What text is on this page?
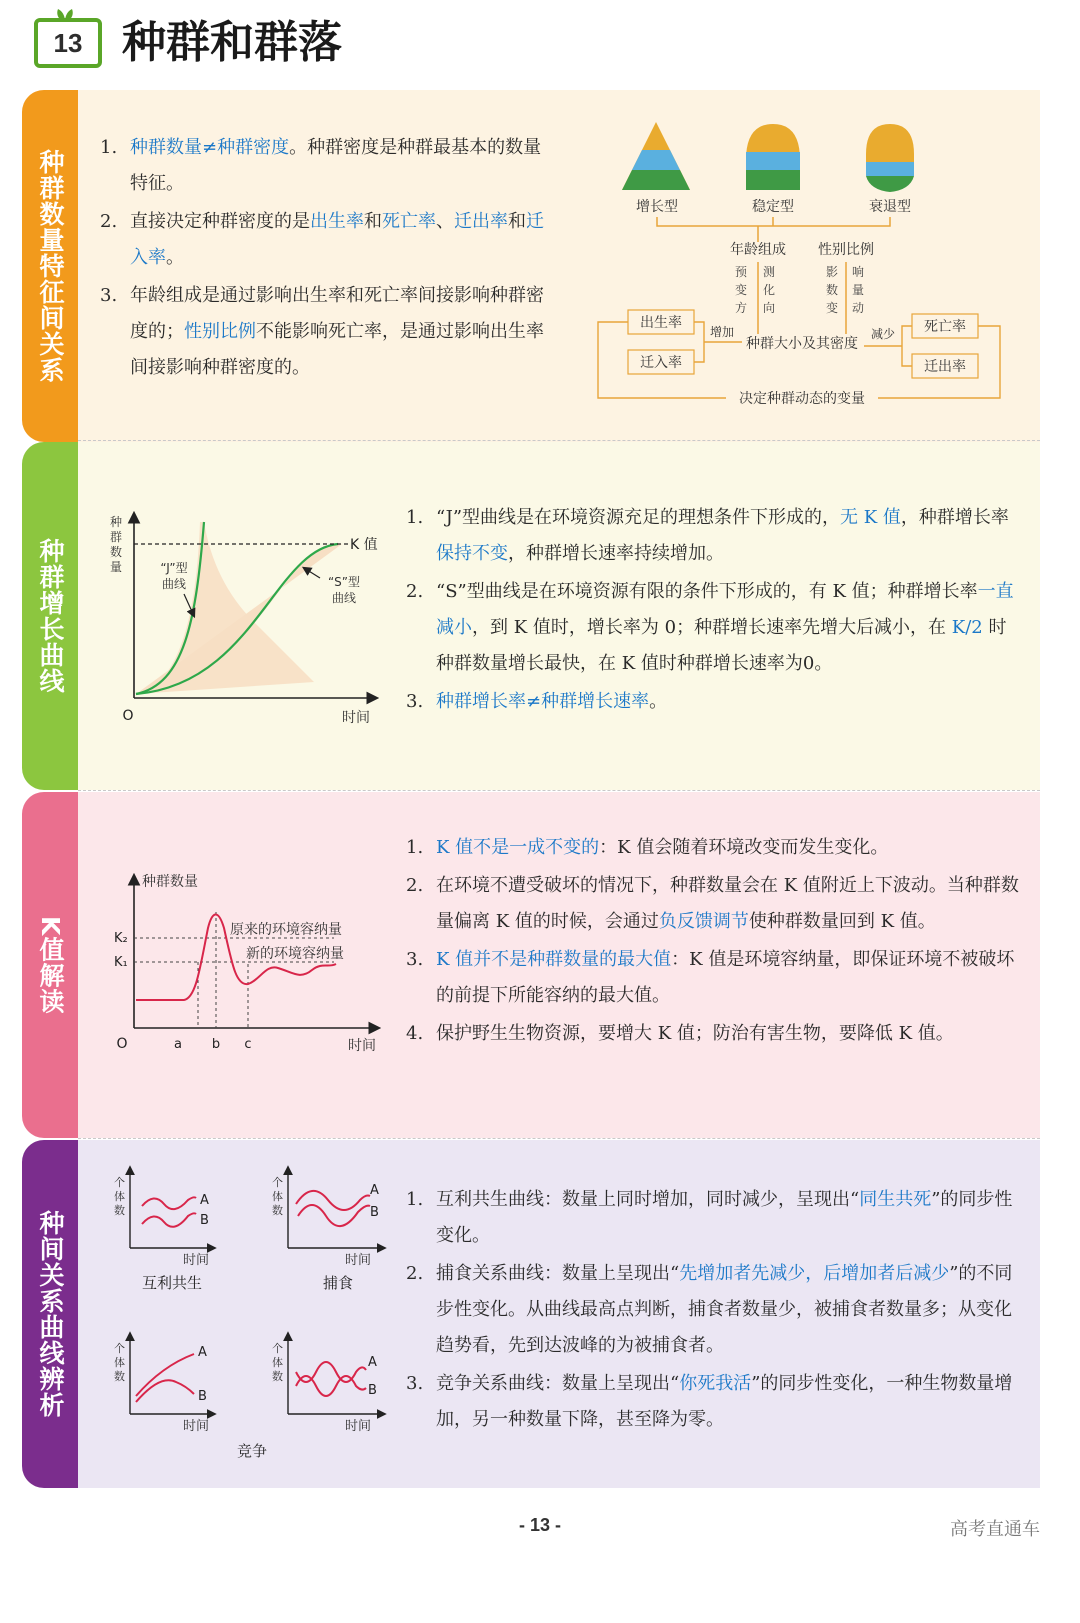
13 种群和群落
种群数量特征间关系
1. 种群数量≠种群密度。种群密度是种群最基本的数量特征。
2. 直接决定种群密度的是出生率和死亡率、迁出率和迁入率。
3. 年龄组成是通过影响出生率和死亡率间接影响种群密度的；性别比例不能影响死亡率，是通过影响出生率间接影响种群密度的。
增长型	稳定型	衰退型
年龄组成 性别比例
预 测	影 响
变 化	数 量
方 向	变 动
出生率
迁入率
死亡率
迁出率
增加	减少
种群大小及其密度
决定种群动态的变量
种群增长曲线	K 值
种
群
数
量	“J”型
曲线	“S”型
曲线
O	时间
1. “J”型曲线是在环境资源充足的理想条件下形成的，无 K 值，种群增长率保持不变，种群增长速率持续增加。
2. “S”型曲线是在环境资源有限的条件下形成的，有 K 值；种群增长率一直减小，到 K 值时，增长率为 0；种群增长速率先增大后减小，在 K/2 时种群数量增长最快，在 K 值时种群增长速率为0。
3. 种群增长率≠种群增长速率。
K值解读
种群数量
K₂
K₁
原来的环境容纳量
新的环境容纳量
O	a b c	时间
1. K 值不是一成不变的：K 值会随着环境改变而发生变化。
2. 在环境不遭受破坏的情况下，种群数量会在 K 值附近上下波动。当种群数量偏离 K 值的时候，会通过负反馈调节使种群数量回到 K 值。
3. K 值并不是种群数量的最大值：K 值是环境容纳量，即保证环境不被破坏的前提下所能容纳的最大值。
4. 保护野生生物资源，要增大 K 值；防治有害生物，要降低 K 值。
种间关系曲线辨析
A
B
个
体
数
时间
互利共生
A
B
个
体
数
时间
捕食
A
B
个
体
数
时间
竞争
A
B
个
体
数
时间
1. 互利共生曲线：数量上同时增加，同时减少，呈现出“同生共死”的同步性变化。
2. 捕食关系曲线：数量上呈现出“先增加者先减少，后增加者后减少”的不同步性变化。从曲线最高点判断，捕食者数量少，被捕食者数量多；从变化趋势看，先到达波峰的为被捕食者。
3. 竞争关系曲线：数量上呈现出“你死我活”的同步性变化，一种生物数量增加，另一种数量下降，甚至降为零。
- 13 -	高考直通车
